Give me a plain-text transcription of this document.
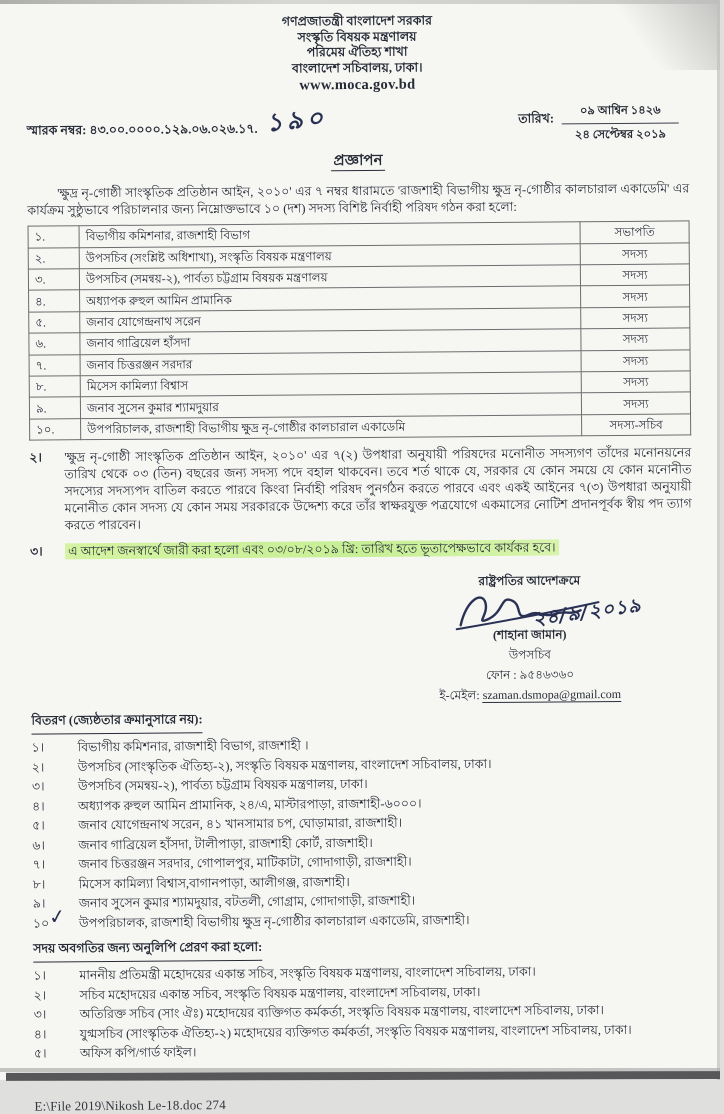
গণপ্রজাতন্ত্রী বাংলাদেশ সরকার
সংস্কৃতি বিষয়ক মন্ত্রণালয়
পরিমেয় ঐতিহ্য শাখা
বাংলাদেশ সচিবালয়, ঢাকা।
www.moca.gov.bd
স্মারক নম্বর: ৪৩.০০.০০০০.১২৯.০৬.০২৬.১৭. ১৯০	তারিখ: $\frac{\text{০৯ আশ্বিন ১৪২৬}}{\text{২৪ সেপ্টেম্বর ২০১৯}}$
প্রজ্ঞাপন

'ক্ষুদ্র নৃ-গোষ্ঠী সাংস্কৃতিক প্রতিষ্ঠান আইন, ২০১০' এর ৭ নম্বর ধারামতে 'রাজশাহী বিভাগীয় ক্ষুদ্র নৃ-গোষ্ঠীর কালচারাল একাডেমি' এর কার্যক্রম সুষ্ঠুভাবে পরিচালনার জন্য নিম্নোক্তভাবে ১০ (দশ) সদস্য বিশিষ্ট নির্বাহী পরিষদ গঠন করা হলো:

১.	বিভাগীয় কমিশনার, রাজশাহী বিভাগ	সভাপতি
২.	উপসচিব (সংশ্লিষ্ট অধিশাখা), সংস্কৃতি বিষয়ক মন্ত্রণালয়	সদস্য
৩.	উপসচিব (সমন্বয়-২), পার্বত্য চট্টগ্রাম বিষয়ক মন্ত্রণালয়	সদস্য
৪.	অধ্যাপক রুহুল আমিন প্রামানিক	সদস্য
৫.	জনাব যোগেন্দ্রনাথ সরেন	সদস্য
৬.	জনাব গাব্রিয়েল হাঁসদা	সদস্য
৭.	জনাব চিত্তরঞ্জন সরদার	সদস্য
৮.	মিসেস কামিল্যা বিশ্বাস	সদস্য
৯.	জনাব সুসেন কুমার শ্যামদুয়ার	সদস্য
১০.	উপপরিচালক, রাজশাহী বিভাগীয় ক্ষুদ্র নৃ-গোষ্ঠীর কালচারাল একাডেমি	সদস্য-সচিব
২।	'ক্ষুদ্র নৃ-গোষ্ঠী সাংস্কৃতিক প্রতিষ্ঠান আইন, ২০১০' এর ৭(২) উপধারা অনুযায়ী পরিষদের মনোনীত সদস্যগণ তাঁদের মনোনয়নের তারিখ থেকে ০৩ (তিন) বছরের জন্য সদস্য পদে বহাল থাকবেন। তবে শর্ত থাকে যে, সরকার যে কোন সময়ে যে কোন মনোনীত সদস্যের সদস্যপদ বাতিল করতে পারবে কিংবা নির্বাহী পরিষদ পুনর্গঠন করতে পারবে এবং একই আইনের ৭(৩) উপধারা অনুযায়ী মনোনীত কোন সদস্য যে কোন সময় সরকারকে উদ্দেশ্য করে তাঁর স্বাক্ষরযুক্ত পত্রযোগে একমাসের নোটিশ প্রদানপূর্বক স্বীয় পদ ত্যাগ করতে পারবেন।
৩।	এ আদেশ জনস্বার্থে জারী করা হলো এবং ০৩/০৮/২০১৯ খ্রি: তারিখ হতে ভূতাপেক্ষভাবে কার্যকর হবে।
রাষ্ট্রপতির আদেশক্রমে
২৪/৯/২০১৯
(শাহানা জামান)
উপসচিব
ফোন : ৯৫৪৬৩৬০
ই-মেইল: szaman.dsmopa@gmail.com
বিতরণ (জ্যেষ্ঠতার ক্রমানুসারে নয়):
১।	বিভাগীয় কমিশনার, রাজশাহী বিভাগ, রাজশাহী ।
২।	উপসচিব (সাংস্কৃতিক ঐতিহ্য-২), সংস্কৃতি বিষয়ক মন্ত্রণালয়, বাংলাদেশ সচিবালয়, ঢাকা।
৩।	উপসচিব (সমন্বয়-২), পার্বত্য চট্টগ্রাম বিষয়ক মন্ত্রণালয়, ঢাকা।
৪।	অধ্যাপক রুহুল আমিন প্রামানিক, ২৪/এ, মাস্টারপাড়া, রাজশাহী-৬০০০।
৫।	জনাব যোগেন্দ্রনাথ সরেন, ৪১ খানসামার চপ, ঘোড়ামারা, রাজশাহী।
৬।	জনাব গাব্রিয়েল হাঁসদা, টালীপাড়া, রাজশাহী কোর্ট, রাজশাহী।
৭।	জনাব চিত্তরঞ্জন সরদার, গোপালপুর, মাটিকাটা, গোদাগাড়ী, রাজশাহী।
৮।	মিসেস কামিল্যা বিশ্বাস,বাগানপাড়া, আলীগঞ্জ, রাজশাহী।
৯।	জনাব সুসেন কুমার শ্যামদুয়ার, বটতলী, গোগ্রাম, গোদাগাড়ী, রাজশাহী।
১০
✓ উপপরিচালক, রাজশাহী বিভাগীয় ক্ষুদ্র নৃ-গোষ্ঠীর কালচারাল একাডেমি, রাজশাহী।
সদয় অবগতির জন্য অনুলিপি প্রেরণ করা হলো:
১।	মাননীয় প্রতিমন্ত্রী মহোদয়ের একান্ত সচিব, সংস্কৃতি বিষয়ক মন্ত্রণালয়, বাংলাদেশ সচিবালয়, ঢাকা।
২।	সচিব মহোদয়ের একান্ত সচিব, সংস্কৃতি বিষয়ক মন্ত্রণালয়, বাংলাদেশ সচিবালয়, ঢাকা।
৩।	অতিরিক্ত সচিব (সাং ঐঃ) মহোদয়ের ব্যক্তিগত কর্মকর্তা, সংস্কৃতি বিষয়ক মন্ত্রণালয়, বাংলাদেশ সচিবালয়, ঢাকা।
৪।	যুগ্মসচিব (সাংস্কৃতিক ঐতিহ্য-২) মহোদয়ের ব্যক্তিগত কর্মকর্তা, সংস্কৃতি বিষয়ক মন্ত্রণালয়, বাংলাদেশ সচিবালয়, ঢাকা।
৫।	অফিস কপি/গার্ড ফাইল।
E:\File 2019\Nikosh Le-18.doc 274
